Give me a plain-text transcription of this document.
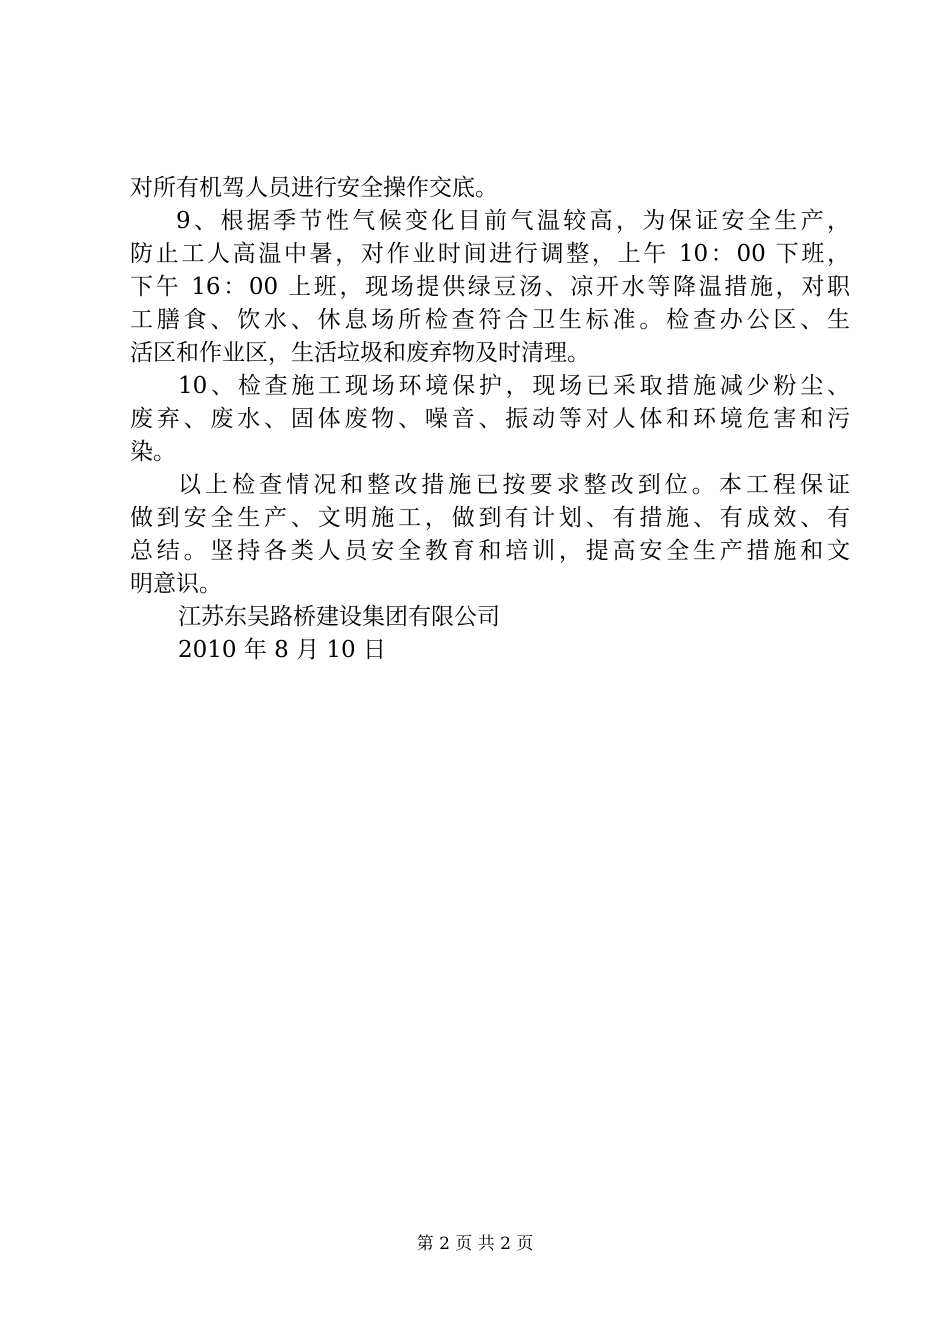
对所有机驾人员进行安全操作交底。
9、根据季节性气候变化目前气温较高，为保证安全生产，
防止工人高温中暑，对作业时间进行调整，上午 10：00 下班，
下午 16：00 上班，现场提供绿豆汤、凉开水等降温措施，对职
工膳食、饮水、休息场所检查符合卫生标准。检查办公区、生
活区和作业区，生活垃圾和废弃物及时清理。
10、检查施工现场环境保护，现场已采取措施减少粉尘、
废弃、废水、固体废物、噪音、振动等对人体和环境危害和污
染。
以上检查情况和整改措施已按要求整改到位。本工程保证
做到安全生产、文明施工，做到有计划、有措施、有成效、有
总结。坚持各类人员安全教育和培训，提高安全生产措施和文
明意识。
江苏东吴路桥建设集团有限公司
2010 年 8 月 10 日
第 2 页 共 2 页
